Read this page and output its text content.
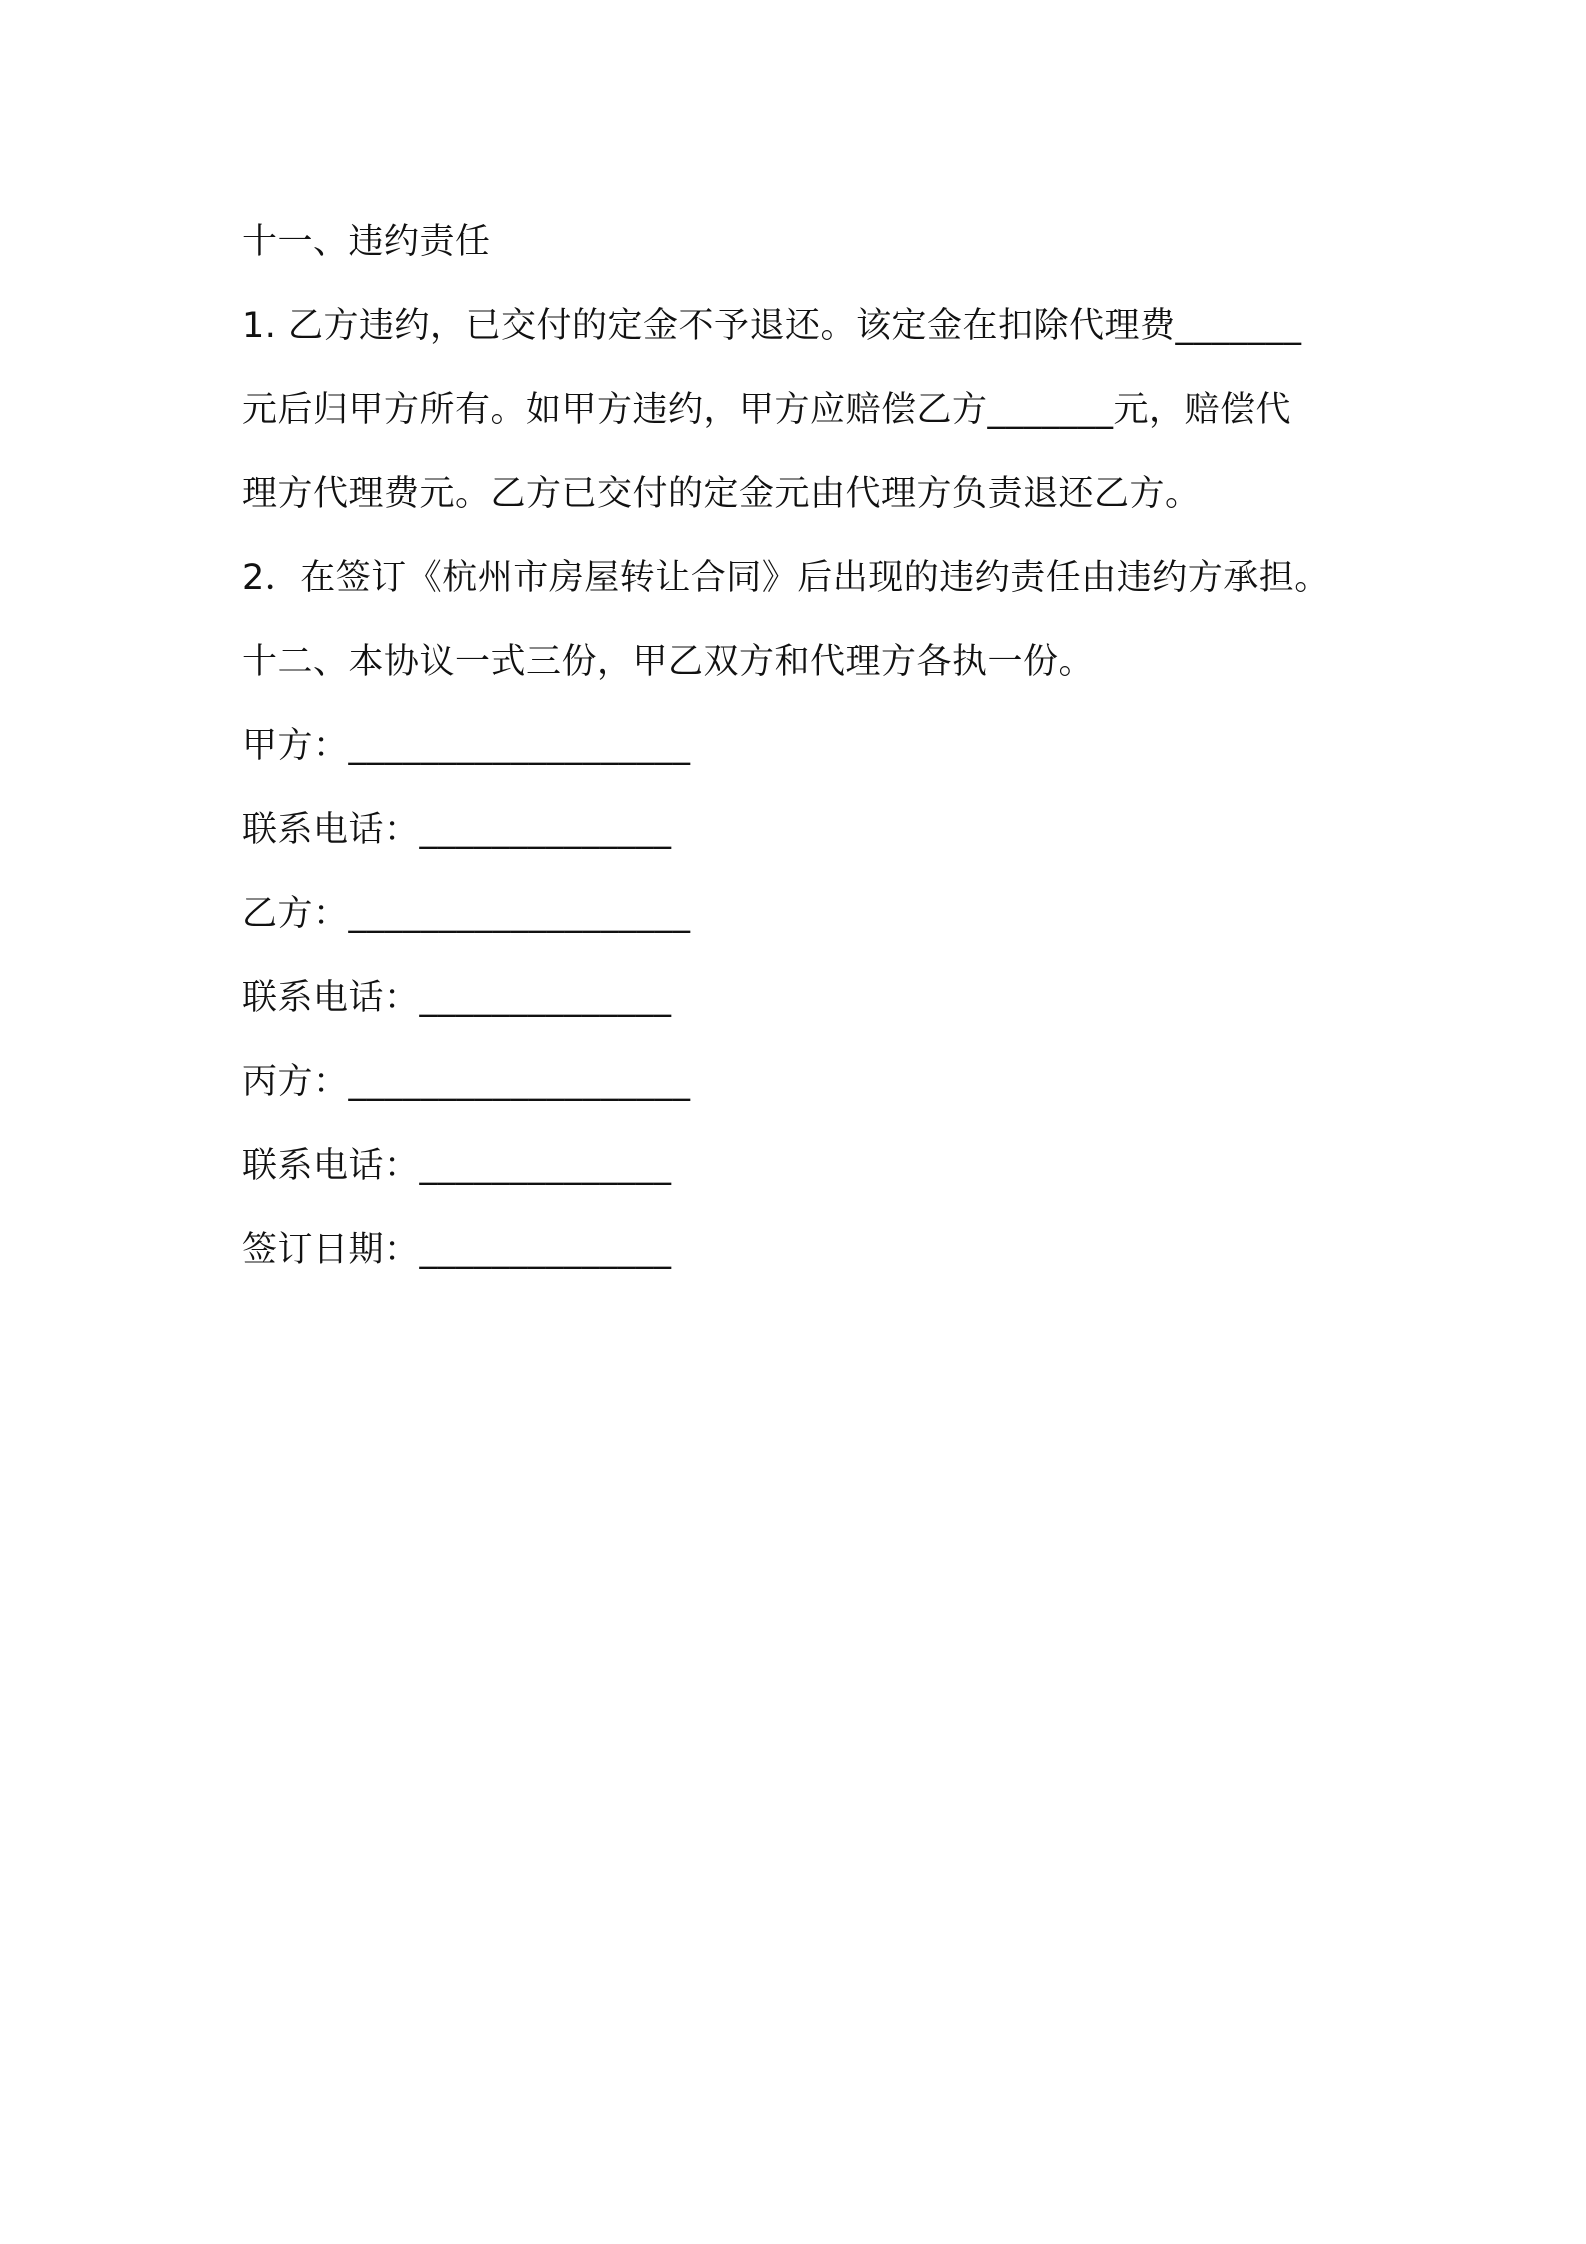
十一、违约责任
1. 乙方违约，已交付的定金不予退还。该定金在扣除代理费_______
元后归甲方所有。如甲方违约，甲方应赔偿乙方_______元，赔偿代
理方代理费元。乙方已交付的定金元由代理方负责退还乙方。
2．在签订《杭州市房屋转让合同》后出现的违约责任由违约方承担。
十二、本协议一式三份，甲乙双方和代理方各执一份。
甲方：___________________
联系电话：______________
乙方：___________________
联系电话：______________
丙方：___________________
联系电话：______________
签订日期：______________
